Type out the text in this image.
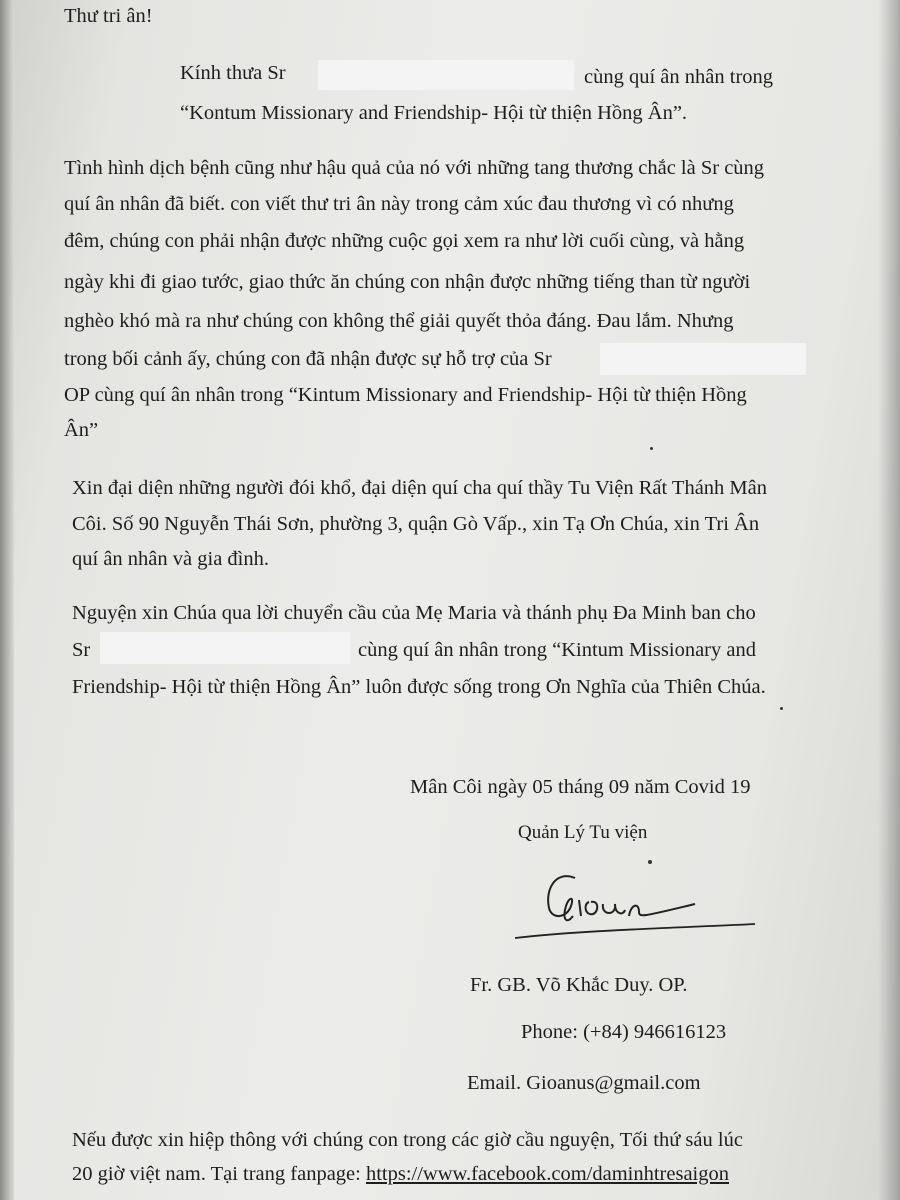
Thư tri ân!
Kính thưa Sr	cùng quí ân nhân trong
“Kontum Missionary and Friendship- Hội từ thiện Hồng Ân”.
Tình hình dịch bệnh cũng như hậu quả của nó với những tang thương chắc là Sr cùng
quí ân nhân đã biết. con viết thư tri ân này trong cảm xúc đau thương vì có nhưng
đêm, chúng con phải nhận được những cuộc gọi xem ra như lời cuối cùng, và hằng
ngày khi đi giao tước, giao thức ăn chúng con nhận được những tiếng than từ người
nghèo khó mà ra như chúng con không thể giải quyết thỏa đáng. Đau lắm. Nhưng
trong bối cảnh ấy, chúng con đã nhận được sự hỗ trợ của Sr
OP cùng quí ân nhân trong “Kintum Missionary and Friendship- Hội từ thiện Hồng
Ân”
Xin đại diện những người đói khổ, đại diện quí cha quí thầy Tu Viện Rất Thánh Mân
Côi. Số 90 Nguyễn Thái Sơn, phường 3, quận Gò Vấp., xin Tạ Ơn Chúa, xin Tri Ân
quí ân nhân và gia đình.
Nguyện xin Chúa qua lời chuyển cầu của Mẹ Maria và thánh phụ Đa Minh ban cho
Sr	cùng quí ân nhân trong “Kintum Missionary and
Friendship- Hội từ thiện Hồng Ân” luôn được sống trong Ơn Nghĩa của Thiên Chúa.
Mân Côi ngày 05 tháng 09 năm Covid 19
Quản Lý Tu viện
Fr. GB. Võ Khắc Duy. OP.
Phone: (+84) 946616123
Email. Gioanus@gmail.com
Nếu được xin hiệp thông với chúng con trong các giờ cầu nguyện, Tối thứ sáu lúc
20 giờ việt nam. Tại trang fanpage: https://www.facebook.com/daminhtresaigon
